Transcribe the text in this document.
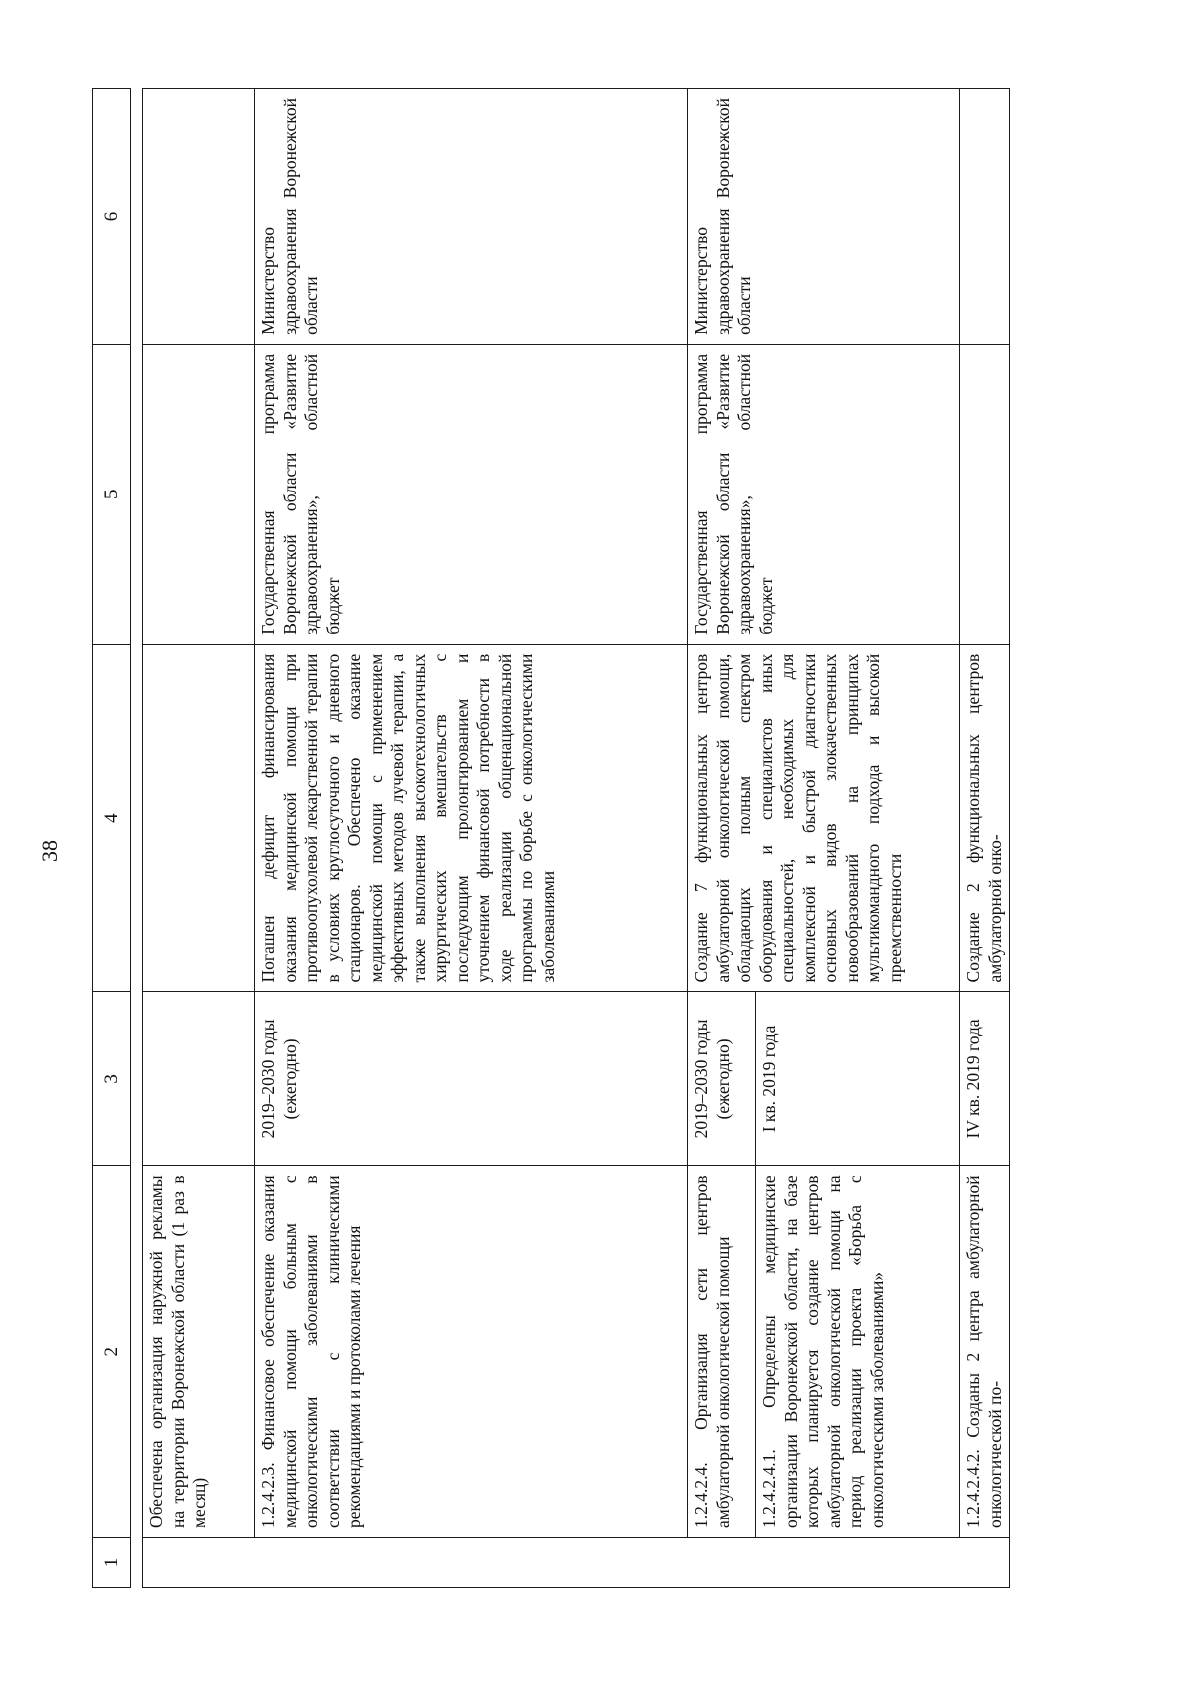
38
1	2	3	4	5	6

	Обеспечена организация наружной рекламы на территории Воронежской области (1 раз в месяц)				
	1.2.4.2.3. Финансовое обеспечение оказания медицинской помощи больным с онкологическими заболеваниями в соответствии с клиническими рекомендациями и протоколами лечения	2019–2030 годы (ежегодно)	Погашен дефицит финансирования оказания медицинской помощи при противоопухолевой лекарственной терапии в условиях круглосуточного и дневного стационаров. Обеспечено оказание медицинской помощи с применением эффективных методов лучевой терапии, а также выполнения высокотехнологичных хирургических вмешательств с последующим пролонгированием и уточнением финансовой потребности в ходе реализации общенациональной программы по борьбе с онкологическими заболеваниями	Государственная программа Воронежской области «Развитие здравоохранения», областной бюджет	Министерство здравоохранения Воронежской области
	1.2.4.2.4. Организация сети центров амбулаторной онкологической помощи	2019–2030 годы (ежегодно)	Создание 7 функциональных центров амбулаторной онкологической помощи, обладающих полным спектром оборудования и специалистов иных специальностей, необходимых для комплексной и быстрой диагностики основных видов злокачественных новообразований на принципах мультикомандного подхода и высокой преемственности	Государственная программа Воронежской области «Развитие здравоохранения», областной бюджет	Министерство здравоохранения Воронежской области
	1.2.4.2.4.1. Определены медицинские организации Воронежской области, на базе которых планируется создание центров амбулаторной онкологической помощи на период реализации проекта «Борьба с онкологическими заболеваниями»	I кв. 2019 года			
	1.2.4.2.4.2. Созданы 2 центра амбулаторной онкологической по-	IV кв. 2019 года	Создание 2 функциональных центров амбулаторной онко-		
